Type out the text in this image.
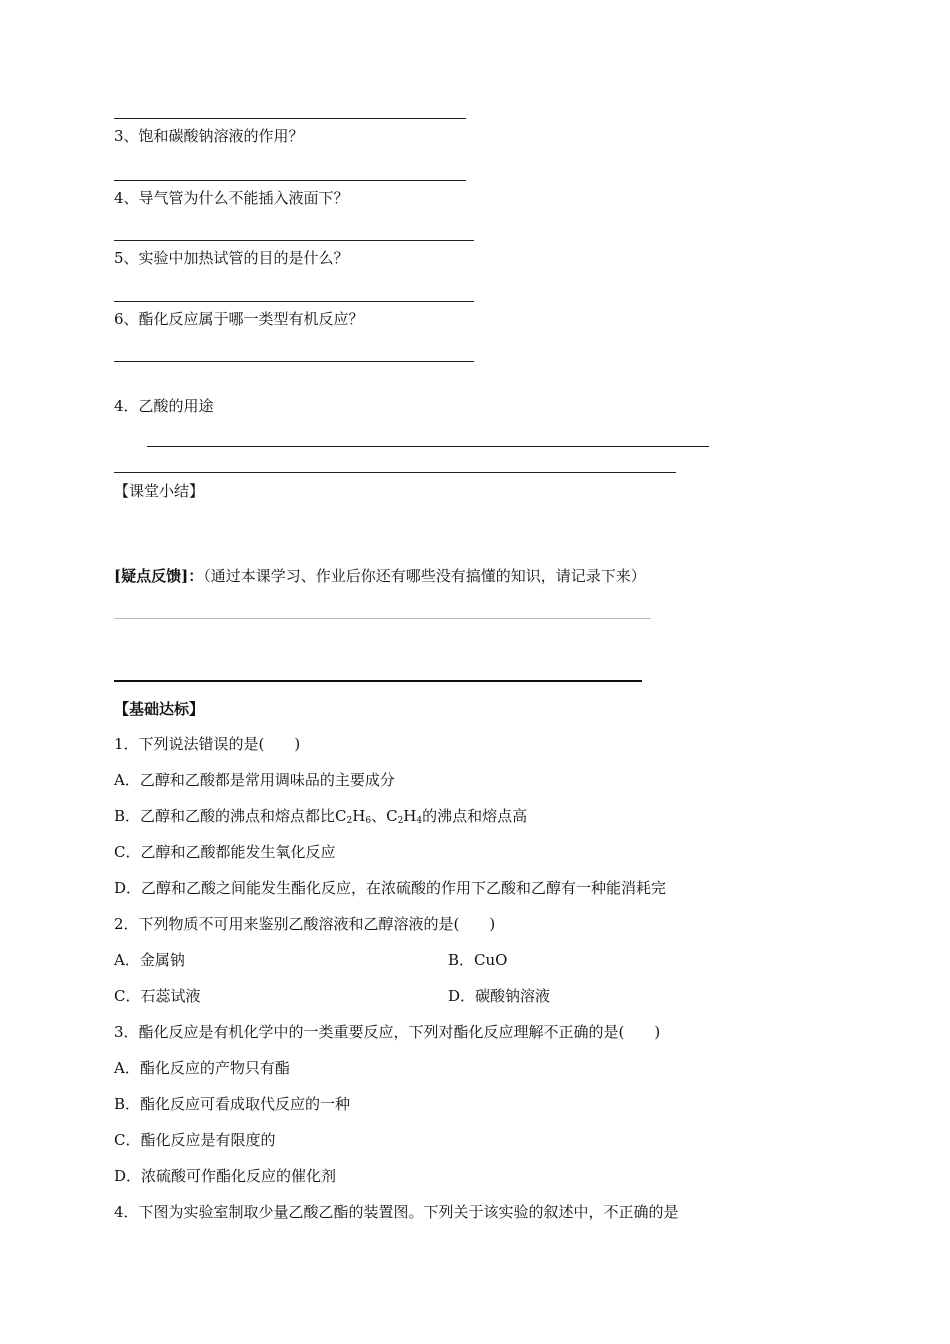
3、饱和碳酸钠溶液的作用？
4、导气管为什么不能插入液面下？
5、实验中加热试管的目的是什么？
6、酯化反应属于哪一类型有机反应？
4．乙酸的用途
【课堂小结】
[疑点反馈]：（通过本课学习、作业后你还有哪些没有搞懂的知识，请记录下来）
【基础达标】
1．下列说法错误的是(　　)
A．乙醇和乙酸都是常用调味品的主要成分
B．乙醇和乙酸的沸点和熔点都比$C_2H_6$、$C_2H_4$的沸点和熔点高
C．乙醇和乙酸都能发生氧化反应
D．乙醇和乙酸之间能发生酯化反应，在浓硫酸的作用下乙酸和乙醇有一种能消耗完
2．下列物质不可用来鉴别乙酸溶液和乙醇溶液的是(　　)
A．金属钠	B．CuO
C．石蕊试液	D．碳酸钠溶液
3．酯化反应是有机化学中的一类重要反应，下列对酯化反应理解不正确的是(　　)
A．酯化反应的产物只有酯
B．酯化反应可看成取代反应的一种
C．酯化反应是有限度的
D．浓硫酸可作酯化反应的催化剂
4．下图为实验室制取少量乙酸乙酯的装置图。下列关于该实验的叙述中，不正确的是
